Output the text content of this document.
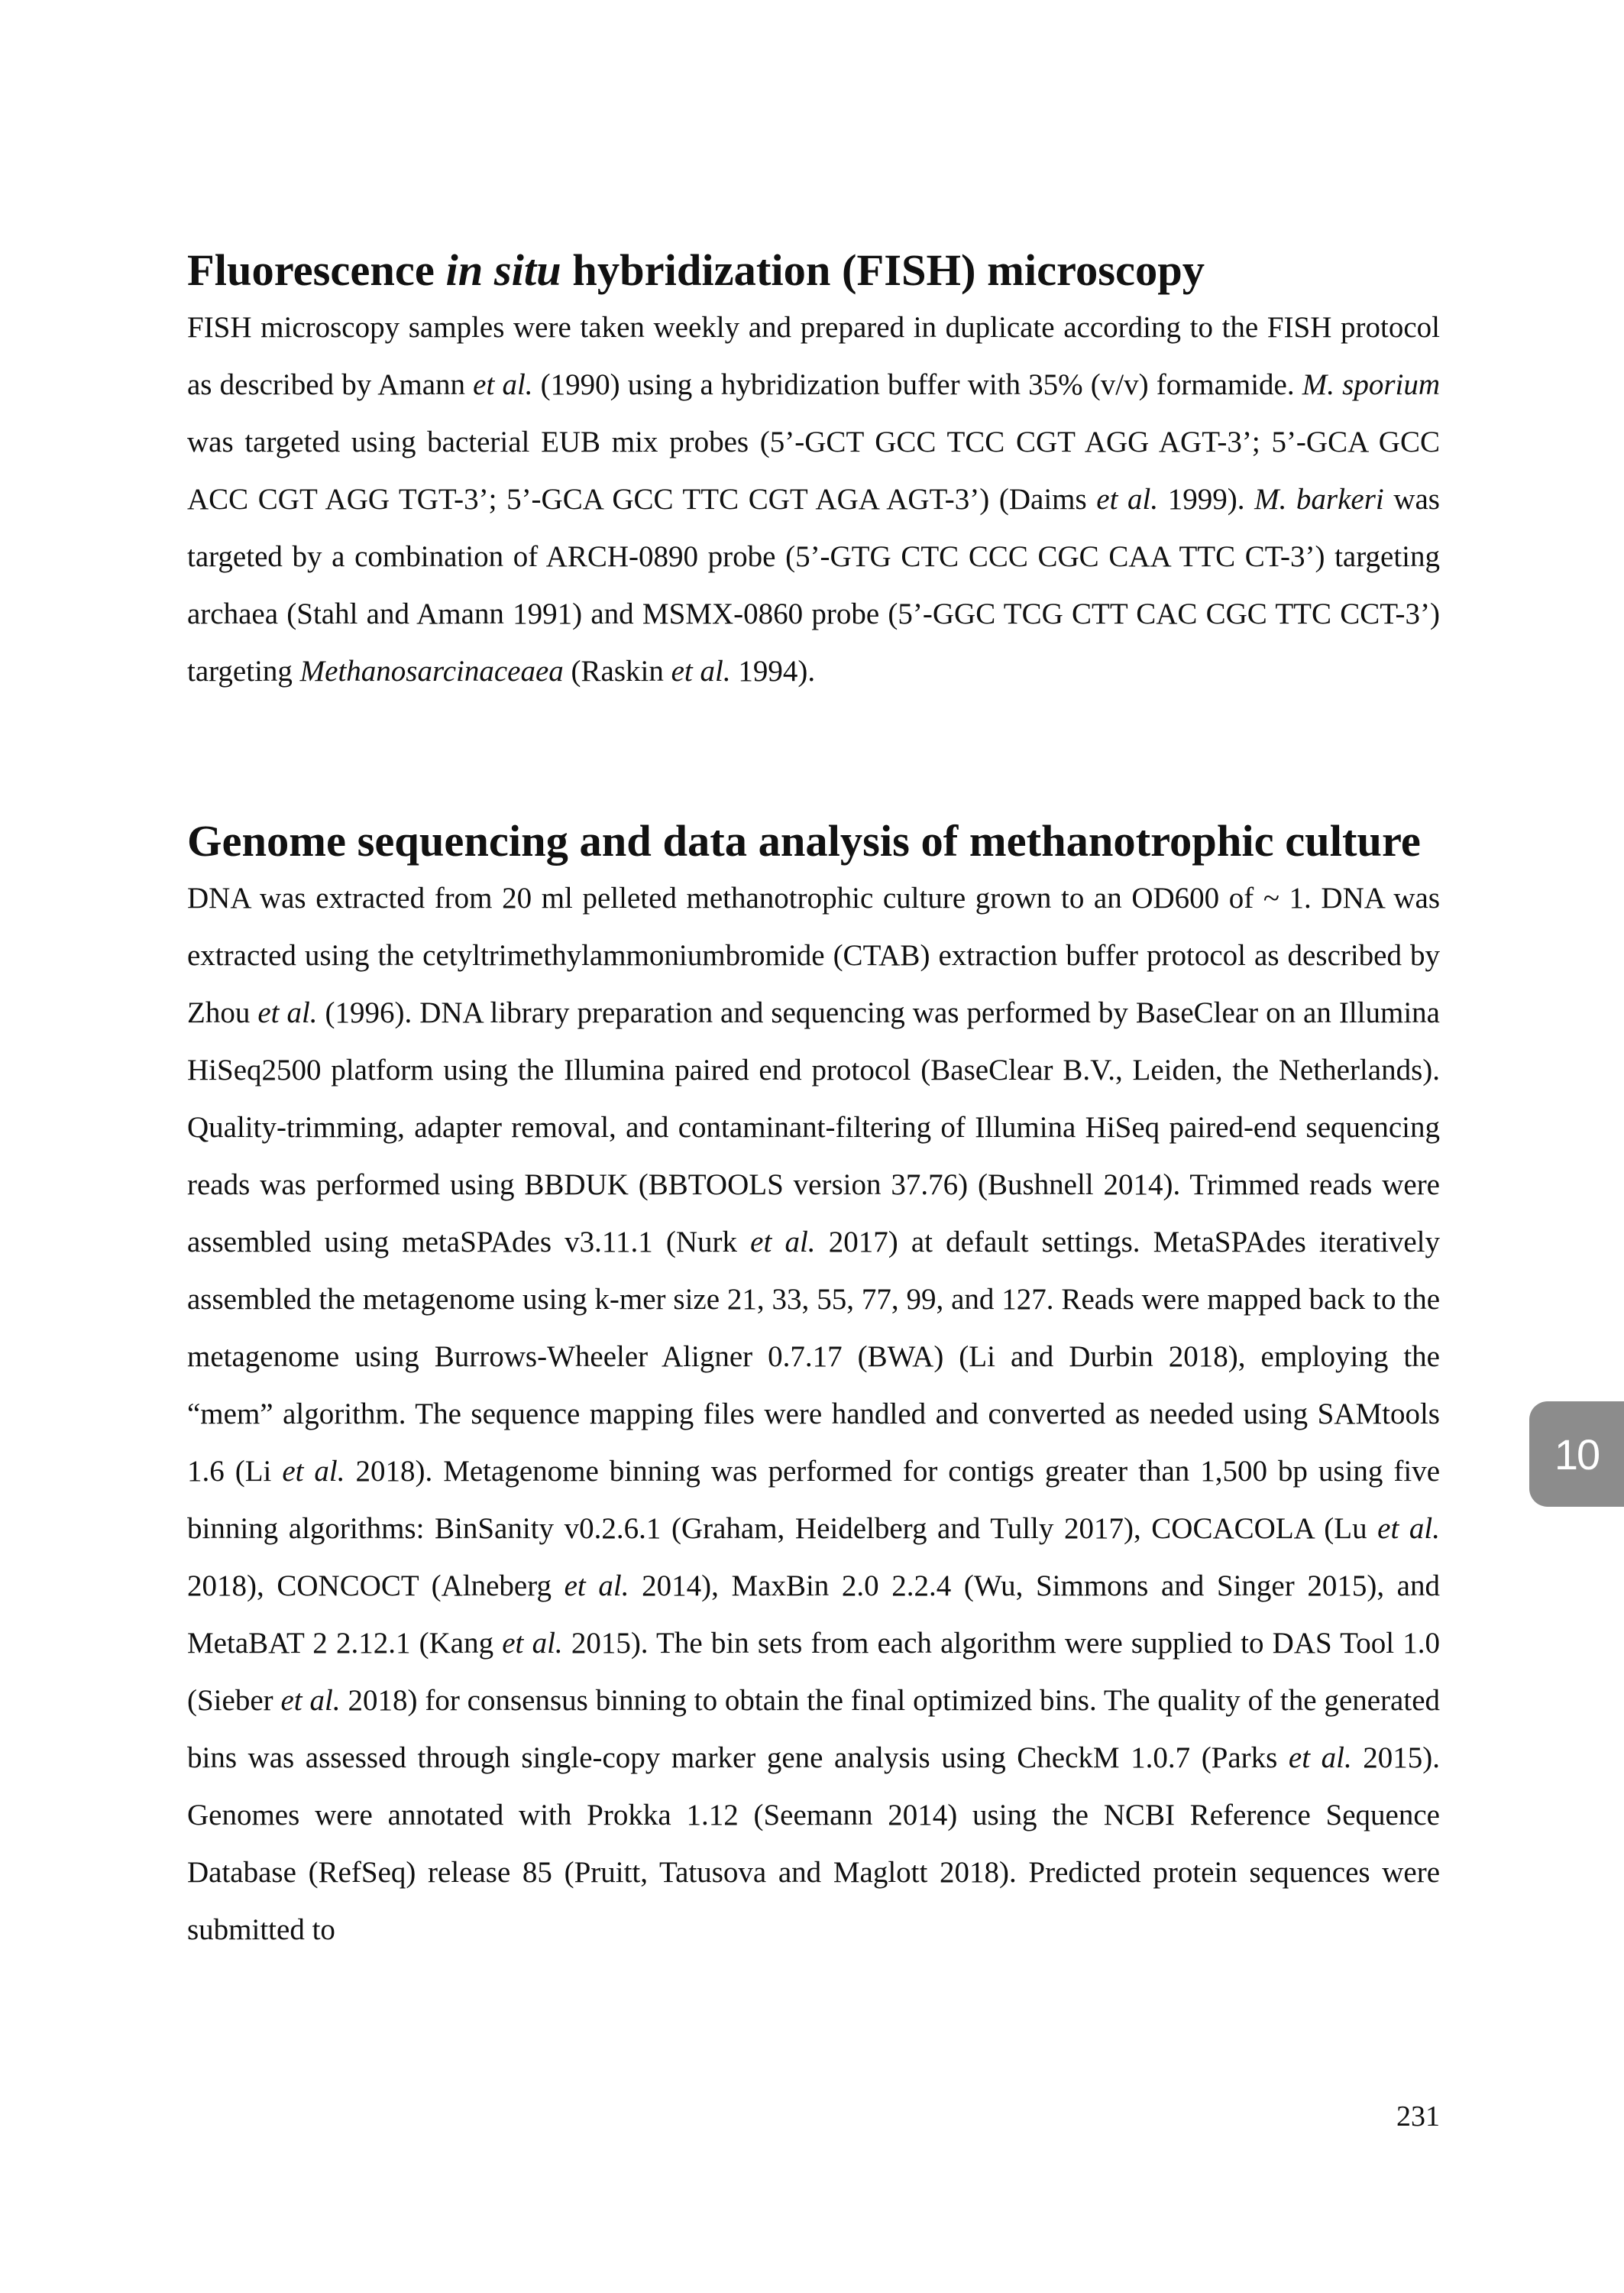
Fluorescence in situ hybridization (FISH) microscopy

FISH microscopy samples were taken weekly and prepared in duplicate according to the FISH protocol as described by Amann et al. (1990) using a hybridization buffer with 35% (v/v) formamide. M. sporium was targeted using bacterial EUB mix probes (5’-GCT GCC TCC CGT AGG AGT-3’; 5’-GCA GCC ACC CGT AGG TGT-3’; 5’-GCA GCC TTC CGT AGA AGT-3’) (Daims et al. 1999). M. barkeri was targeted by a combination of ARCH-0890 probe (5’-GTG CTC CCC CGC CAA TTC CT-3’) targeting archaea (Stahl and Amann 1991) and MSMX-0860 probe (5’-GGC TCG CTT CAC CGC TTC CCT-3’) targeting Methanosarcinaceaea (Raskin et al. 1994).

Genome sequencing and data analysis of methanotrophic culture

DNA was extracted from 20 ml pelleted methanotrophic culture grown to an OD600 of ~ 1. DNA was extracted using the cetyltrimethylammoniumbromide (CTAB) extraction buffer protocol as described by Zhou et al. (1996). DNA library preparation and sequencing was performed by BaseClear on an Illumina HiSeq2500 platform using the Illumina paired end protocol (BaseClear B.V., Leiden, the Netherlands). Quality-trimming, adapter removal, and contaminant-filtering of Illumina HiSeq paired-end sequencing reads was performed using BBDUK (BBTOOLS version 37.76) (Bushnell 2014). Trimmed reads were assembled using metaSPAdes v3.11.1 (Nurk et al. 2017) at default settings. MetaSPAdes iteratively assembled the metagenome using k-mer size 21, 33, 55, 77, 99, and 127. Reads were mapped back to the metagenome using Burrows-Wheeler Aligner 0.7.17 (BWA) (Li and Durbin 2018), employing the “mem” algorithm. The sequence mapping files were handled and converted as needed using SAMtools 1.6 (Li et al. 2018). Metagenome binning was performed for contigs greater than 1,500 bp using five binning algorithms: BinSanity v0.2.6.1 (Graham, Heidelberg and Tully 2017), COCACOLA (Lu et al. 2018), CONCOCT (Alneberg et al. 2014), MaxBin 2.0 2.2.4 (Wu, Simmons and Singer 2015), and MetaBAT 2 2.12.1 (Kang et al. 2015). The bin sets from each algorithm were supplied to DAS Tool 1.0 (Sieber et al. 2018) for consensus binning to obtain the final optimized bins. The quality of the generated bins was assessed through single-copy marker gene analysis using CheckM 1.0.7 (Parks et al. 2015). Genomes were annotated with Prokka 1.12 (Seemann 2014) using the NCBI Reference Sequence Database (RefSeq) release 85 (Pruitt, Tatusova and Maglott 2018). Predicted protein sequences were submitted to

10
231
